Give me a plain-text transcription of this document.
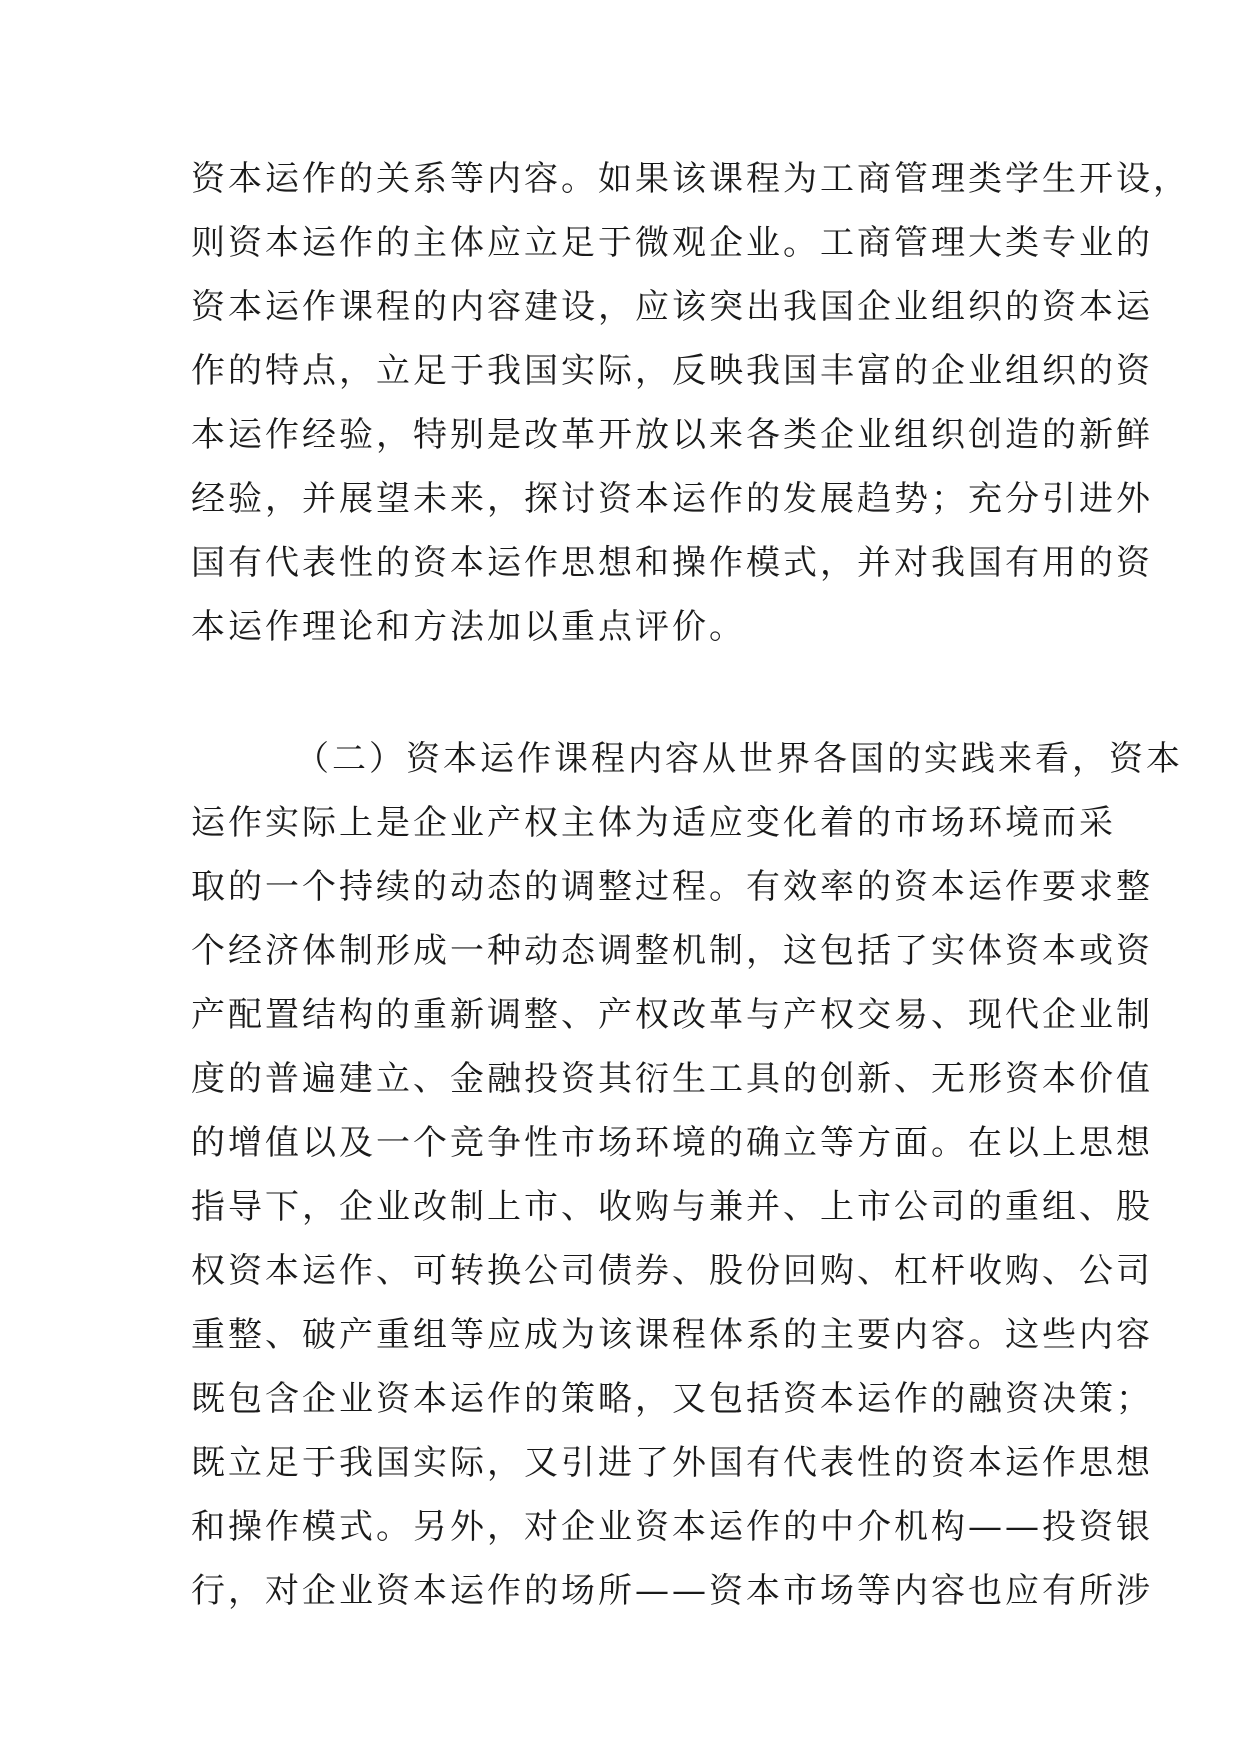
资本运作的关系等内容。如果该课程为工商管理类学生开设，
则资本运作的主体应立足于微观企业。工商管理大类专业的
资本运作课程的内容建设，应该突出我国企业组织的资本运
作的特点，立足于我国实际，反映我国丰富的企业组织的资
本运作经验，特别是改革开放以来各类企业组织创造的新鲜
经验，并展望未来，探讨资本运作的发展趋势；充分引进外
国有代表性的资本运作思想和操作模式，并对我国有用的资
本运作理论和方法加以重点评价。
（二）资本运作课程内容从世界各国的实践来看，资本
运作实际上是企业产权主体为适应变化着的市场环境而采
取的一个持续的动态的调整过程。有效率的资本运作要求整
个经济体制形成一种动态调整机制，这包括了实体资本或资
产配置结构的重新调整、产权改革与产权交易、现代企业制
度的普遍建立、金融投资其衍生工具的创新、无形资本价值
的增值以及一个竞争性市场环境的确立等方面。在以上思想
指导下，企业改制上市、收购与兼并、上市公司的重组、股
权资本运作、可转换公司债券、股份回购、杠杆收购、公司
重整、破产重组等应成为该课程体系的主要内容。这些内容
既包含企业资本运作的策略，又包括资本运作的融资决策；
既立足于我国实际，又引进了外国有代表性的资本运作思想
和操作模式。另外，对企业资本运作的中介机构——投资银
行，对企业资本运作的场所——资本市场等内容也应有所涉
